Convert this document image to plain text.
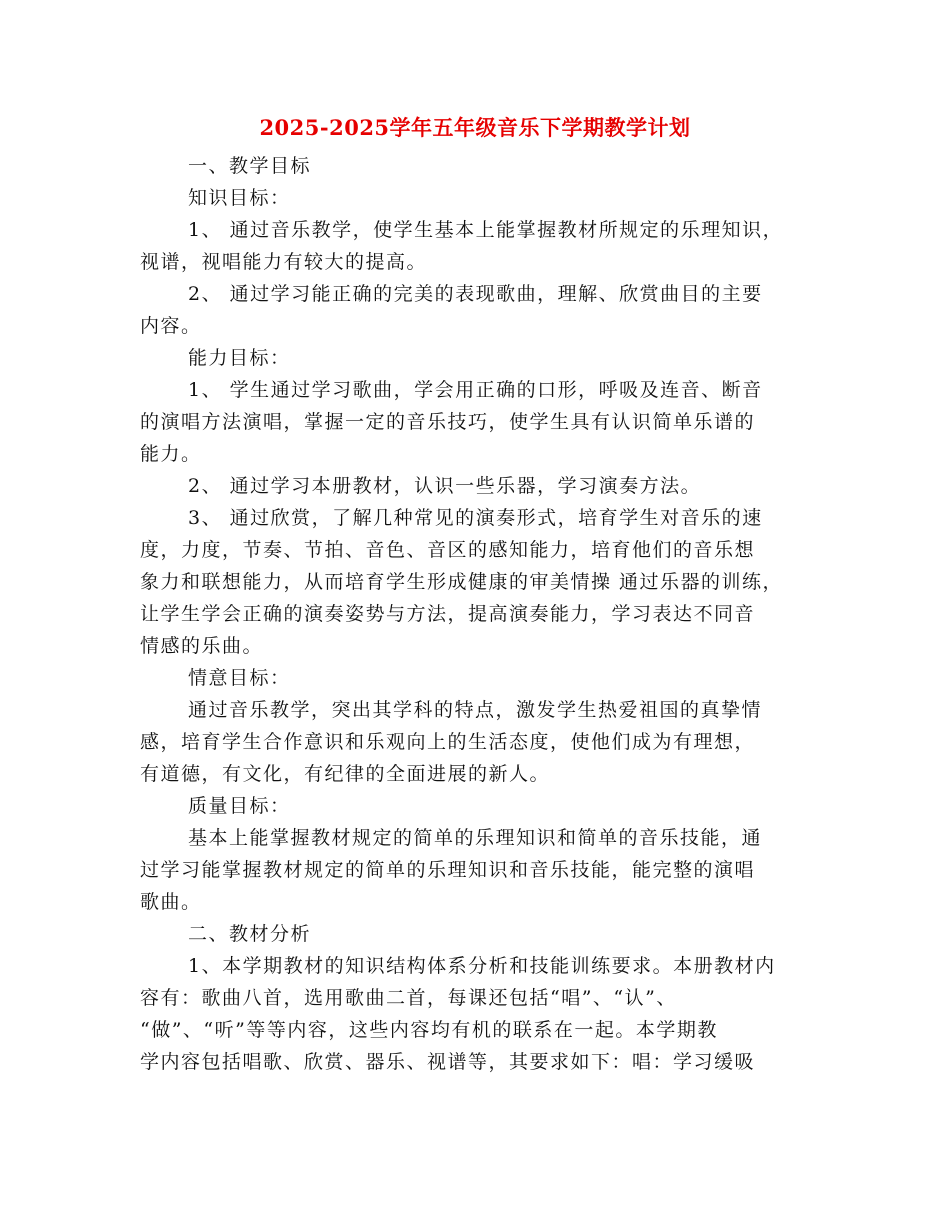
2025-2025学年五年级音乐下学期教学计划
一、教学目标
知识目标：
1、 通过音乐教学，使学生基本上能掌握教材所规定的乐理知识，
视谱，视唱能力有较大的提高。
2、 通过学习能正确的完美的表现歌曲，理解、欣赏曲目的主要
内容。
能力目标：
1、 学生通过学习歌曲，学会用正确的口形，呼吸及连音、断音
的演唱方法演唱，掌握一定的音乐技巧，使学生具有认识简单乐谱的
能力。
2、 通过学习本册教材，认识一些乐器，学习演奏方法。
3、 通过欣赏，了解几种常见的演奏形式，培育学生对音乐的速
度，力度，节奏、节拍、音色、音区的感知能力，培育他们的音乐想
象力和联想能力，从而培育学生形成健康的审美情操 通过乐器的训练，
让学生学会正确的演奏姿势与方法，提高演奏能力，学习表达不同音
情感的乐曲。
情意目标：
通过音乐教学，突出其学科的特点，激发学生热爱祖国的真挚情
感，培育学生合作意识和乐观向上的生活态度，使他们成为有理想，
有道德，有文化，有纪律的全面进展的新人。
质量目标：
基本上能掌握教材规定的简单的乐理知识和简单的音乐技能，通
过学习能掌握教材规定的简单的乐理知识和音乐技能，能完整的演唱
歌曲。
二、教材分析
1、本学期教材的知识结构体系分析和技能训练要求。本册教材内
容有：歌曲八首，选用歌曲二首，每课还包括“唱”、“认”、
“做”、“听”等等内容，这些内容均有机的联系在一起。本学期教
学内容包括唱歌、欣赏、器乐、视谱等，其要求如下：唱：学习缓吸
